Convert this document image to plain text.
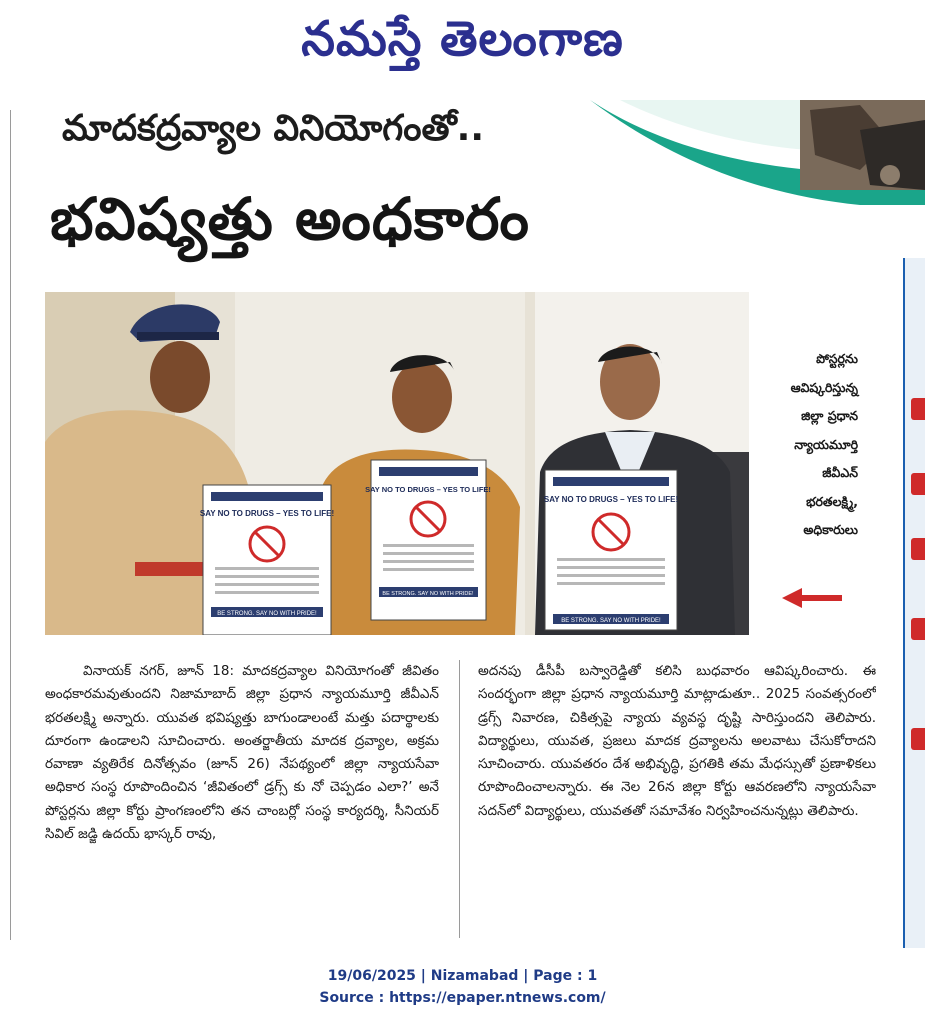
నమస్తే తెలంగాణ
మాదకద్రవ్యాల వినియోగంతో..
భవిష్యత్తు అంధకారం
SAY NO TO DRUGS – YES TO LIFE!
BE STRONG. SAY NO WITH PRIDE!
SAY NO TO DRUGS – YES TO LIFE!
BE STRONG. SAY NO WITH PRIDE!
SAY NO TO DRUGS – YES TO LIFE!
BE STRONG. SAY NO WITH PRIDE!
పోస్టర్లను
ఆవిష్కరిస్తున్న
జిల్లా ప్రధాన
న్యాయమూర్తి
జీవీఎన్
భరతలక్ష్మి,
అధికారులు

వినాయక్ నగర్, జూన్ 18: మాదకద్రవ్యాల వినియోగంతో జీవితం అంధకారమవుతుందని నిజామాబాద్ జిల్లా ప్రధాన న్యాయమూర్తి జీవీఎన్ భరతలక్ష్మి అన్నారు. యువత భవిష్యత్తు బాగుండాలంటే మత్తు పదార్థాలకు దూరంగా ఉండాలని సూచించారు. అంతర్జాతీయ మాదక ద్రవ్యాల, అక్రమ రవాణా వ్యతిరేక దినోత్సవం (జూన్ 26) నేపథ్యంలో జిల్లా న్యాయసేవా అధికార సంస్థ రూపొందించిన ‘జీవితంలో డ్రగ్స్ కు నో చెప్పడం ఎలా?’ అనే పోస్టర్లను జిల్లా కోర్టు ప్రాంగణంలోని తన చాంబర్లో సంస్థ కార్యదర్శి, సీనియర్ సివిల్ జడ్జి ఉదయ్ భాస్కర్ రావు,

అదనపు డీసీపీ బస్వారెడ్డితో కలిసి బుధవారం ఆవిష్కరించారు. ఈ సందర్భంగా జిల్లా ప్రధాన న్యాయమూర్తి మాట్లాడుతూ.. 2025 సంవత్సరంలో డ్రగ్స్ నివారణ, చికిత్సపై న్యాయ వ్యవస్థ దృష్టి సారిస్తుందని తెలిపారు. విద్యార్థులు, యువత, ప్రజలు మాదక ద్రవ్యాలను అలవాటు చేసుకోరాదని సూచించారు. యువతరం దేశ అభివృద్ధి, ప్రగతికి తమ మేధస్సుతో ప్రణాళికలు రూపొందించాలన్నారు. ఈ నెల 26న జిల్లా కోర్టు ఆవరణలోని న్యాయసేవా సదన్‌లో విద్యార్థులు, యువతతో సమావేశం నిర్వహించనున్నట్లు తెలిపారు.

19/06/2025 | Nizamabad | Page : 1
Source : https://epaper.ntnews.com/
